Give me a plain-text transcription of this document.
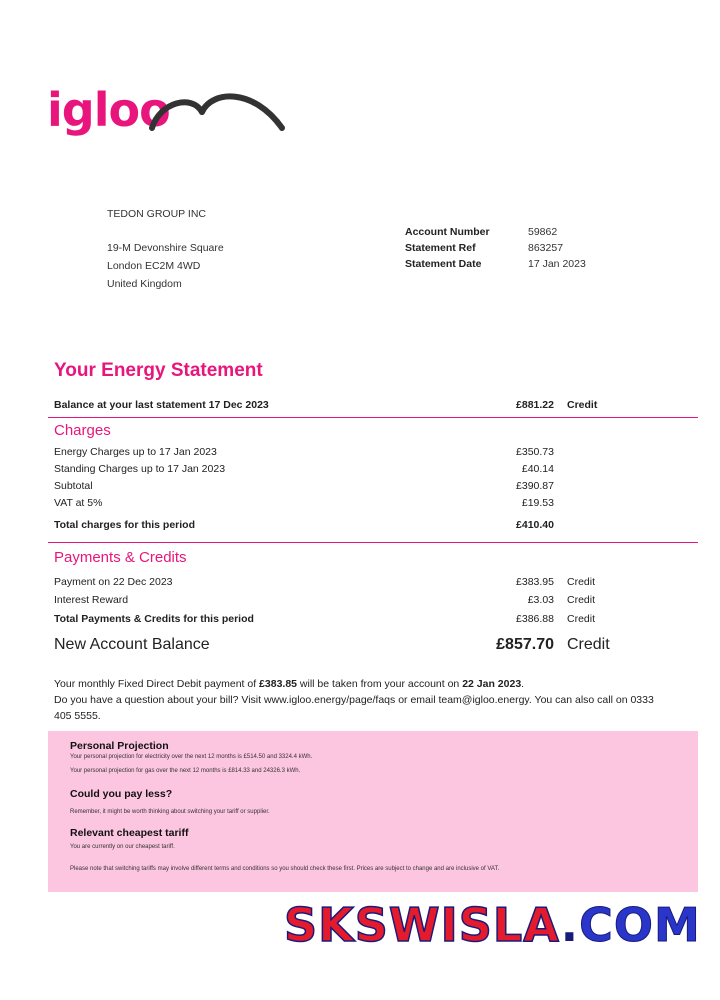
igloo
TEDON GROUP INC
19-M Devonshire Square
London EC2M 4WD
United Kingdom
Account Number	59862
Statement Ref	863257
Statement Date	17 Jan 2023
Your Energy Statement
Balance at your last statement 17 Dec 2023	£881.22 Credit
Charges
Energy Charges up to 17 Jan 2023	£350.73
Standing Charges up to 17 Jan 2023	£40.14
Subtotal	£390.87
VAT at 5%	£19.53
Total charges for this period	£410.40
Payments & Credits
Payment on 22 Dec 2023	£383.95 Credit
Interest Reward	£3.03 Credit
Total Payments & Credits for this period	£386.88 Credit
New Account Balance	£857.70 Credit
Your monthly Fixed Direct Debit payment of £383.85 will be taken from your account on 22 Jan 2023.
Do you have a question about your bill? Visit www.igloo.energy/page/faqs or email team@igloo.energy. You can also call on 0333 405 5555.
Personal Projection
Your personal projection for electricity over the next 12 months is £514.50 and 3324.4 kWh.
Your personal projection for gas over the next 12 months is £814.33 and 24326.3 kWh.
Could you pay less?
Remember, it might be worth thinking about switching your tariff or supplier.
Relevant cheapest tariff
You are currently on our cheapest tariff.
Please note that switching tariffs may involve different terms and conditions so you should check these first. Prices are subject to change and are inclusive of VAT.
SKSWISLA.COM
